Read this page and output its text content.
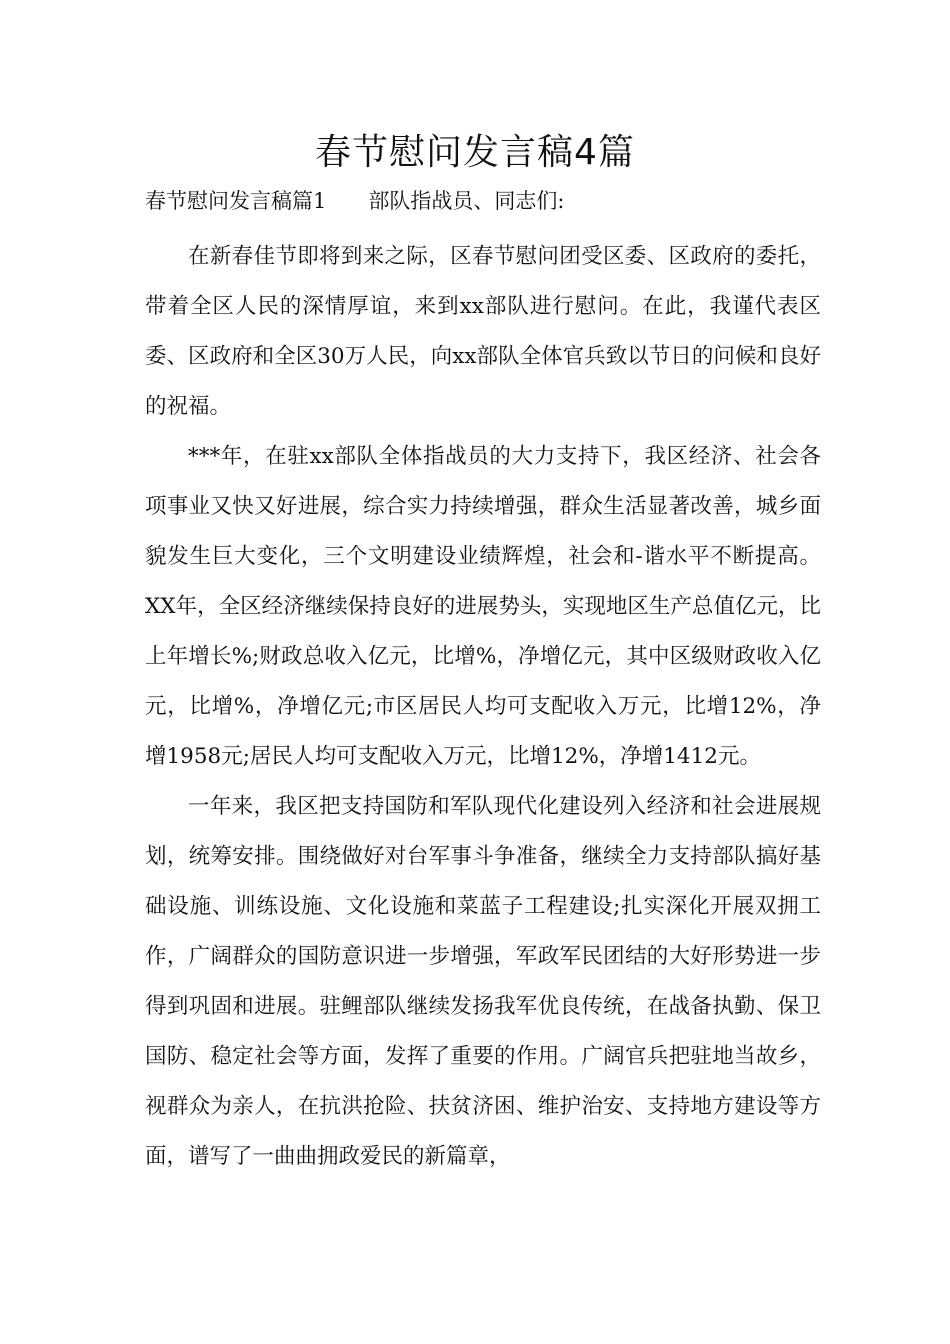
春节慰问发言稿4篇
春节慰问发言稿篇1 部队指战员、同志们:

在新春佳节即将到来之际，区春节慰问团受区委、区政府的委托，带着全区人民的深情厚谊，来到xx部队进行慰问。在此，我谨代表区委、区政府和全区30万人民，向xx部队全体官兵致以节日的问候和良好的祝福。

***年，在驻xx部队全体指战员的大力支持下，我区经济、社会各项事业又快又好进展，综合实力持续增强，群众生活显著改善，城乡面貌发生巨大变化，三个文明建设业绩辉煌，社会和-谐水平不断提高。XX年，全区经济继续保持良好的进展势头，实现地区生产总值亿元，比上年增长%;财政总收入亿元，比增%，净增亿元，其中区级财政收入亿元，比增%，净增亿元;市区居民人均可支配收入万元，比增12%，净增1958元;居民人均可支配收入万元，比增12%，净增1412元。

一年来，我区把支持国防和军队现代化建设列入经济和社会进展规划，统筹安排。围绕做好对台军事斗争准备，继续全力支持部队搞好基础设施、训练设施、文化设施和菜蓝子工程建设;扎实深化开展双拥工作，广阔群众的国防意识进一步增强，军政军民团结的大好形势进一步得到巩固和进展。驻鲤部队继续发扬我军优良传统，在战备执勤、保卫国防、稳定社会等方面，发挥了重要的作用。广阔官兵把驻地当故乡，视群众为亲人，在抗洪抢险、扶贫济困、维护治安、支持地方建设等方面，谱写了一曲曲拥政爱民的新篇章，
